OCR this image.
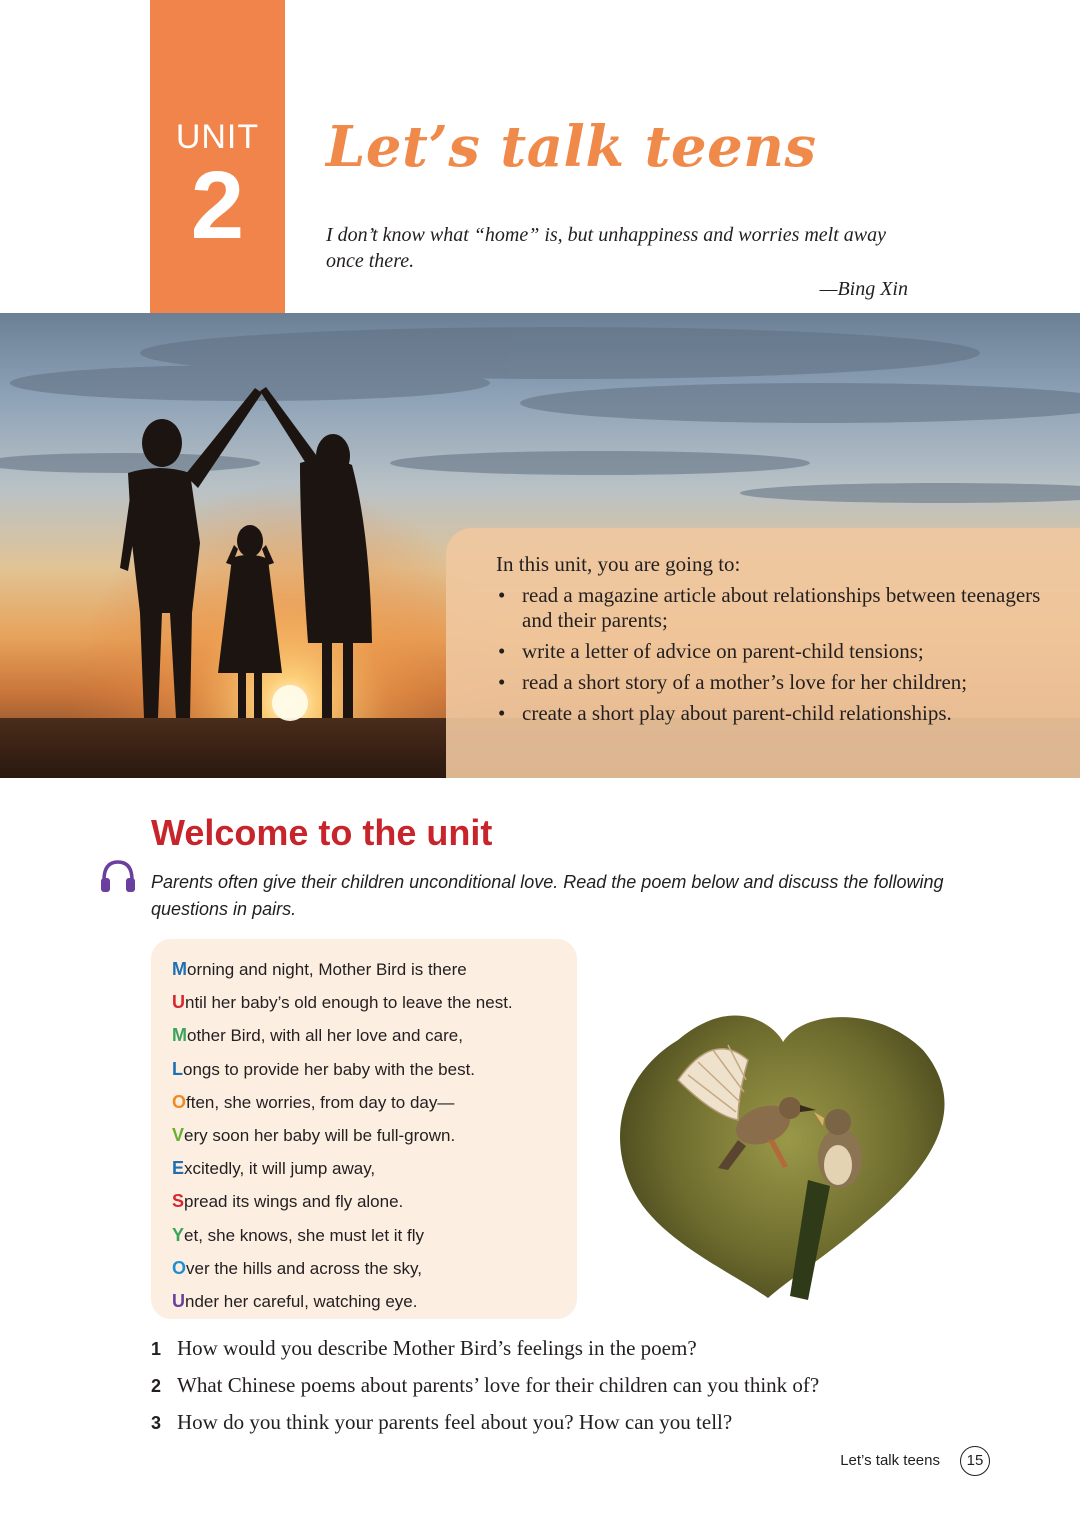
UNIT
2
Let’s talk teens

I don’t know what “home” is, but unhappiness and worries melt away once there.

—Bing Xin
In this unit, you are going to:
• read a magazine article about relationships between teenagers and their parents;
• write a letter of advice on parent-child tensions;
• read a short story of a mother’s love for her children;
• create a short play about parent-child relationships.
Welcome to the unit

Parents often give their children unconditional love. Read the poem below and discuss the following questions in pairs.

Morning and night, Mother Bird is there
Until her baby’s old enough to leave the nest.
Mother Bird, with all her love and care,
Longs to provide her baby with the best.
Often, she worries, from day to day—
Very soon her baby will be full-grown.
Excitedly, it will jump away,
Spread its wings and fly alone.
Yet, she knows, she must let it fly
Over the hills and across the sky,
Under her careful, watching eye.
1 How would you describe Mother Bird’s feelings in the poem?
2 What Chinese poems about parents’ love for their children can you think of?
3 How do you think your parents feel about you? How can you tell?
Let’s talk teens	15
